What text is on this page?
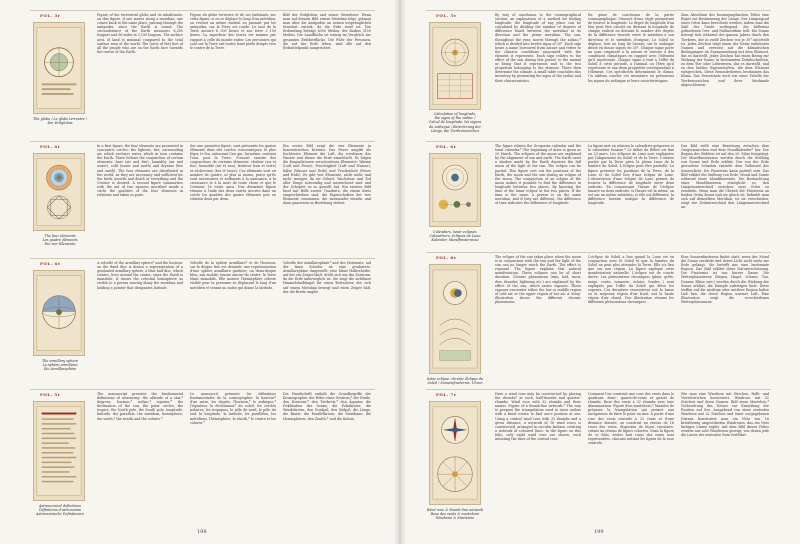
FOL. 3r
The globe / Le globe terrestre /
Der Erdglobus
Figure of the terrestrial globe and its inhabitants: on this figure, if one moves along a meridian, one comes back to the same place, passing through the antipodes, since the Earth is round. The circumference of the Earth measures 6,300 leagues and 96 miles in 3,150 leagues. The surface area of land is minimal compared to the total surface area of the world. The [ratio of the] foot of all the people who are on the Earth face towards the centre of the Earth.
Figure du globe terrestre et de ses habitants: sur cette figure, si on se déplace le long d'un méridien, on revient au même endroit en passant par les antipodes, car la Terre est ronde. Le tour de la Terre mesure 6 300 lieues et son terre 3 150 lieues. La superficie des terres est minime par rapport à celle du monde entier. Les personnes qui sont sur la Terre ont toutes leurs pieds dirigés vers le centre de la Terre.
Bild der Erdglobus und seiner Bewohner: Wenn man auf diesem Bild einem Meridian folgt, gelangt man über die Antipoden an seinen ursprünglichen Standort zurück, da die Erde rund ist. Der Erdumfang beträgt 6300 Meilen, der Radius 3150 Meilen. Die Landfläche ist winzig im Vergleich zur gesamten Erdoberfläche. Die Füße der Personen, die auf der Erde leben, sind alle auf den Erdmittelpunkt ausgerichtet.
FOL. 4r
The four elements
Les quatre éléments
Die vier Elemente
In a first figure, the four elements are presented in concentric circles: the lightest, fire, surrounding air, which encloses water, which in turn contains the Earth. There follows the conjunction of certain elements: heat (air and fire), humidity (air and water), cold (water and earth) and dryness (fire and earth). The four elements are distributed in the world, as they are necessary and sufficient for the birth, growth and death of everything and the Creator is desired. A second figure summarises with the aid of two squares inscribed inside a circle the qualities of the four elements in relations and taken in pairs.
Sur une première figure, sont présentés les quatre éléments dans des cercles concentriques: le plus léger, le feu, entourant l'air qui, lui-même, contient l'eau, puis la Terre. S'ensuit ensuite des conjonctions de certains éléments: chaleur (air et feu), humidité (air et eau), froideur (eau et terre) et sécheresse (feu et terre). Ces éléments sont en nombre de quatre, ni plus ni moins, parce qu'ils sont nécessaires et suffisants à la naissance, à la croissance et à la mort de toute chose et que le Créateur l'a voulu ainsi. Une deuxième figure résume à l'aide des deux carrés inscrits dans un cercle les qualités des quatre éléments pris en relation deux par deux.
Ein erstes Bild zeigt die vier Elemente in konzentrischen Kreisen: Das Feuer umgibt als leichtestes Element die Luft, die wiederum das Wasser und dieses die Erde umschließt. Es folgen die Konjunktionen verschiedener Elemente: Wärme (Luft und Feuer), Feuchtigkeit (Luft und Wasser), Kälte (Wasser und Erde) und Trockenheit (Feuer und Erde). Es gibt vier Elemente, nicht mehr und nicht weniger, da sie Geburt, Wachstum und Tod aller Dinge notwendig und ausreichend sind und der Schöpfer es so gewollt hat. Ein zweites Bild fasst mit Hilfe zweier Quadrate, die einem Kreis eingeschrieben sind, die Eigenschaften der vier Elemente zusammen, die zueinander einzeln und dann paarweise in Beziehung stehen.
FOL. 4v
The armillary sphere
La sphère armillaire
Die Armillarsphäre
A volvelle of the armillary sphere* and the horizon: on the fixed disc is drawn a representation of a graduated armillary sphere, a blue half disc, which rotates, lives around the centre, since the Earth is immobile. It shows the celestial hemisphere as visible to a person moving along the meridian and holding a pointer that designates latitude.
Volvelle de la sphère armillaire* et de l'horizon: sur le disque fixe est dessinée une représentation d'une sphère armillaire graduée; un demi-disque bleu, mis mobile, tourne autour du centre, la Terre étant immobile. Elle montre l'hémisphère céleste visible pour la personne se déplaçant le long d'un méridien et tenant un index qui donne la latitude.
Volvelle der Armillarsphäre* und des Horizonts: auf der fixen Scheibe ist eine graduierte, Armillarsphäre dargestellt; eine blaue Halbscheibe, auf der ein Zeiger läuft, dreht sich um das Zentrum, da die Erde unbeweglich ist. Sie zeigt die sichtbare Himmelshalbkugel für einen Betrachter, der sich auf einem Meridian bewegt und einen Zeiger hält, der die Breite angibt.
FOL. 5r
Astronomical definitions
Définitions d'astronomie
Astronomische Definitionen
The manuscript presents the fundamental definitions of astronomy: the altitude of a star,* degrees, horizon,* zodiac,* equator,* the declination of the sun, the polar circles, the tropics, the North pole, the South pole, longitude, latitude, the parallels, the meridian, hemisphere, the north,* the zenith and the colures.*
Le manuscrit présente les définitions fondamentales de la cosmographie: la hauteur* d'un astre, les degrés, l'horizon,* le zodiaque,* l'équateur, la déclinaison* du soleil, les cercles polaires, les tropiques, le pôle du nord, le pôle du sud, la longitude, la latitude, les parallèles, les méridiens, l'hémisphère, le zénith,* le centre et les colures.*
Die Handschrift enthält die Grundbegriffe der Kosmographie: die Höhe eines Gestirns,* die Grade, den Horizont,* den Tierkreis,* den Äquator, die Deklination der Sonne, die Polarkreise, die Wendekreise, den Nordpol, den Südpol, die Länge, die Breite, die Parallelkreise, die Meridiane, die Hemisphären, den Zenith,* und die Kolure.
198
FOL. 5v
Calculation of longitude,
the signs of the zodiac /
Calcul de longitude, les signes
du zodiaque / Berechnung der
Länge, die Tierkreiszeichen
By way of conclusion to the cosmographical section, an explanation of a method for finding longitude: the longitude of any place can be calculated by dividing the number of degrees of difference found between the meridian at its direction and the prime meridian. The sun, throughout the year, moves through the zodiac,* which is divided into twelve signs of 30°. Each sign bears a name borrowed from nature and refers to the climatic conditions associated with the element it represents. Each sign relates to the effect of the sun during this period, to the animal or being that it represents and to the two properties belonging to the element. There then determine the climate. A small table concludes this inventory by presenting the signs of the zodiac and their characteristics.
En guise de conclusion de la partie cosmographique: l'énoncé d'une règle permettant de trouver la longitude. Le degré de longitude d'un lieu peut être calculé en divisant la longitude de chaque endroit en divisant le nombre des degrés de la différence trouvée entre le méridien à son direction et le méridien d'origine. Le Soleil se déplace, tout au long de l'année, sur le zodiaque divisé en douze signes de 30°. Chaque signe porte un nom emprunté à la nature et renvoie à des conditions climatiques en rapport avec l'élément qu'il représente. Chaque signe a trait à l'effet du Soleil à cette période, à l'animal ou l'être qu'il représente et aux deux propriétés correspondant à l'élément. Ces spécificités déterminent le climat. Un tableau conclut cet inventaire en présentant les signes du zodiaque et leurs caractéristiques.
Zum Abschluss des kosmographischen Teiles eine Regel zur Bestimmung der Länge: Der Längengrad eines Ortes kann berechnet werden, indem man die Zahl der Grade vorliegend, die Differenz gefundenen Orts- und Nullmeridian teilt. Die Sonne bewegt sich während des ganzen Jahres durch den Tierkreis, der in zwölf Zeichen von je 30° unterteilt ist. Jedes Zeichen trägt einen der Natur entlehnten Namen und verweist auf die klimatischen Bedingungen im Zusammenhang mit dem Element, das es darstellt. Jedes Zeichen hat einen Bezug zur Wirkung der Sonne in bestimmten Zeitabschnitten, zu dem Tier oder Lebewesen, das es darstellt, und zu den beiden Eigenschaften, die dem Element entsprechen. Diese Besonderheiten bestimmen das Klima. Das Verzeichnis wird von einer Tabelle der Tierkreiszeichen und ihrer Merkmale abgeschlossen.
FOL. 6r
Calendars, lunar eclipses
Calendriers, éclipses de Lune
Kalender, Mondfinsternisse
The figure relates the Gregorian calendar and the tonal calendar.* The beginning of Aries is given as 20 March. The eclipses of the moon are explained by the alignment of sun and earth. The Earth casts a shadow made by the Earth deprives the full moon of the light of the sun. The eclipse can be partial. This figure sets out the positions of the Earth, the moon and the sun during an eclipse of the moon. The conjunction of an eclipse of the moon makes it possible to find the difference in longitude between two places. By knowing the time of the lunar eclipse at the two places, if the time is the same, a person is on the same meridian, and if they are different, the difference of time indicates the difference of longitude.
La figure met en relation le calendrier grégorien et le calendrier lunaire.* Le début du Bélier est fixé au 20 mars. Les éclipses de Lune sont expliquées par l'alignement du Soleil et de la Terre. L'ombre portée par la Terre prive la pleine Lune de la lumière du Soleil. L'éclipse peut être partielle. La figure présente les positions de la Terre, de la Lune et du Soleil lors d'une éclipse de Lune. L'observation d'une éclipse de Lune permet de trouver la différence de longitude entre deux endroits. En connaissant l'heure de l'éclipse lunaire en deux endroits, si l'heure est la même, on est sur un même méridien; si elle est différente, la différence horaire indique la différence de longitude.
Das Bild stellt eine Beziehung zwischen dem Gregorianischen und dem Mondkalender* her. Der Beginn des Widders ist auf den 20. März festgelegt. Die Mondfinsternisse werden durch die Stellung von Sonne und Erde erklärt. Der von der Erde geworfene Schatten entzieht dem Vollmond das Sonnenlicht. Die Finsternis kann partiell sein. Das Bild erklärt die Stellung von Erde, Mond und Sonne während einer Mondfinsternis. Die Beobachtung einer Mondfinsternis ermöglicht es, den Längenunterschied zwischen zwei Orten zu ermitteln. Wenn man die Uhrzeit der Finsternis an beiden Orten kennt und sie gleich ist, befindet man sich auf demselben Meridian; ist sie verschieden, zeigt der Zeitunterschied den Längenunterschied an.
FOL. 6v
Solar eclipse, chronic Éclipse du
Soleil / Sonnenfinsternis, Uhren
The eclipse of the sun takes place when the moon is in conjunction with the sun and the light of the sun can no longer reach the Earth. The effect is regional. The figure explains this natural manifestation. These eclipses can be of short duration. Chronic phenomena (rain, hail, snow, dew, thunder, lightning etc.) are explained by the effect of the sun, which raises vapours. These vapours encounter either the low or middle region of cold air, or the upper region of hot air. A 'stray' illustration shows the different chronic phenomena.
L'éclipse de Soleil a lieu quand la Lune est en conjonction avec le Soleil et que la lumière du Soleil ne peut plus atteindre la Terre. Elle n'a lieu que sur une région. La figure explique cette manifestation naturelle. L'éclipse est de courte durée. Les phénomènes chroniques (pluie, grêle, neige, rosée, tonnerre, éclairs, foudre...) sont expliqués par l'effet du Soleil qui élève les vapeurs. Ces dernières rencontrent soit la basse ou la moyenne région d'air froid, soit la haute région d'air chaud. Une illustration résume les différents phénomènes chroniques.
Eine Sonnenfinsternis findet statt, wenn der Mond die Sonne verdeckt und deren Licht nicht mehr zur Erde gelangt. Sie betrifft nur eine bestimmte Region. Das Bild erklärt diese Naturerscheinung. Die Finsternis ist von kurzer Dauer. Die Wetterphänomene (Regen, Hagel, Schnee, Tau, Donner, Blitze usw.) werden durch die Wirkung der Sonne erklärt, die Dämpfe aufsteigen lässt. Diese treffen auf die niedrige oder mittlere Region kalter Luft bzw. die obere Region warmer Luft. Eine Illustration zeigt die verschiedenen Wetterphänomene.
FOL. 7r
Wind rose & thumb-line network
Rose des vents & marteloire
Windrose & Marteloio
Here a wind rose may be constructed by placing the rhumbs* at each, half-rhumbs and quarter-rhumbs. Wind rose with 32 rhumbs and their names. Figure of a thumb-line network.* The way to prepare the triangulation used to issue sailors with a fixed course to find one's position at sea. Using a central wind rose with 32 rhumbs and a given distance, a network of 16 wind roses is constructed, arranged in circular fashion, creating a network of coloured lines. In the figure on this folio, only eight wind rose are shown, each initiating the lines of the central rose.
Comment l'on construit une rose des vents dans le quadrant, demi-, quarts-de-vents et quarts de rhumbs. Rose des vents à 32 rhumbs avec leur dénomination. Figure d'un marteloire.* Manière de préparer la triangulation qui permet aux navigateurs de faire le point en mer. À partir d'une rose des vents centrale à 32 vents et d'une distance donnée, on construit un réseau de 16 roses des vents, disposées de façon circulaire, créant un réseau de lignes colorées. Dans la figure de ce folio, seules huit roses des vents sont représentées, chacune initiant les lignes de la rose centrale.
Wie man eine Windrose mit Strichen, Halb- und Viertelstrichen konstruiert. Windrose mit 32 Strichen und ihren Namen. Bild eines Marteloio.* Vorbereitung des Netzes zur Ermittlung der Position auf See. Ausgehend von einer zentralen Windrose mit 32 Strichen und einer vorgegebenen Distanz konstruiert man ein Netz von 16 kreisförmig angeordneten Windrosen, das ein Netz farbiger Linien ergibt. Auf dem Bild dieses Folios werden nur acht Windrosen gezeigt, von denen jede die Linien der zentralen Rose fortführt.
199
